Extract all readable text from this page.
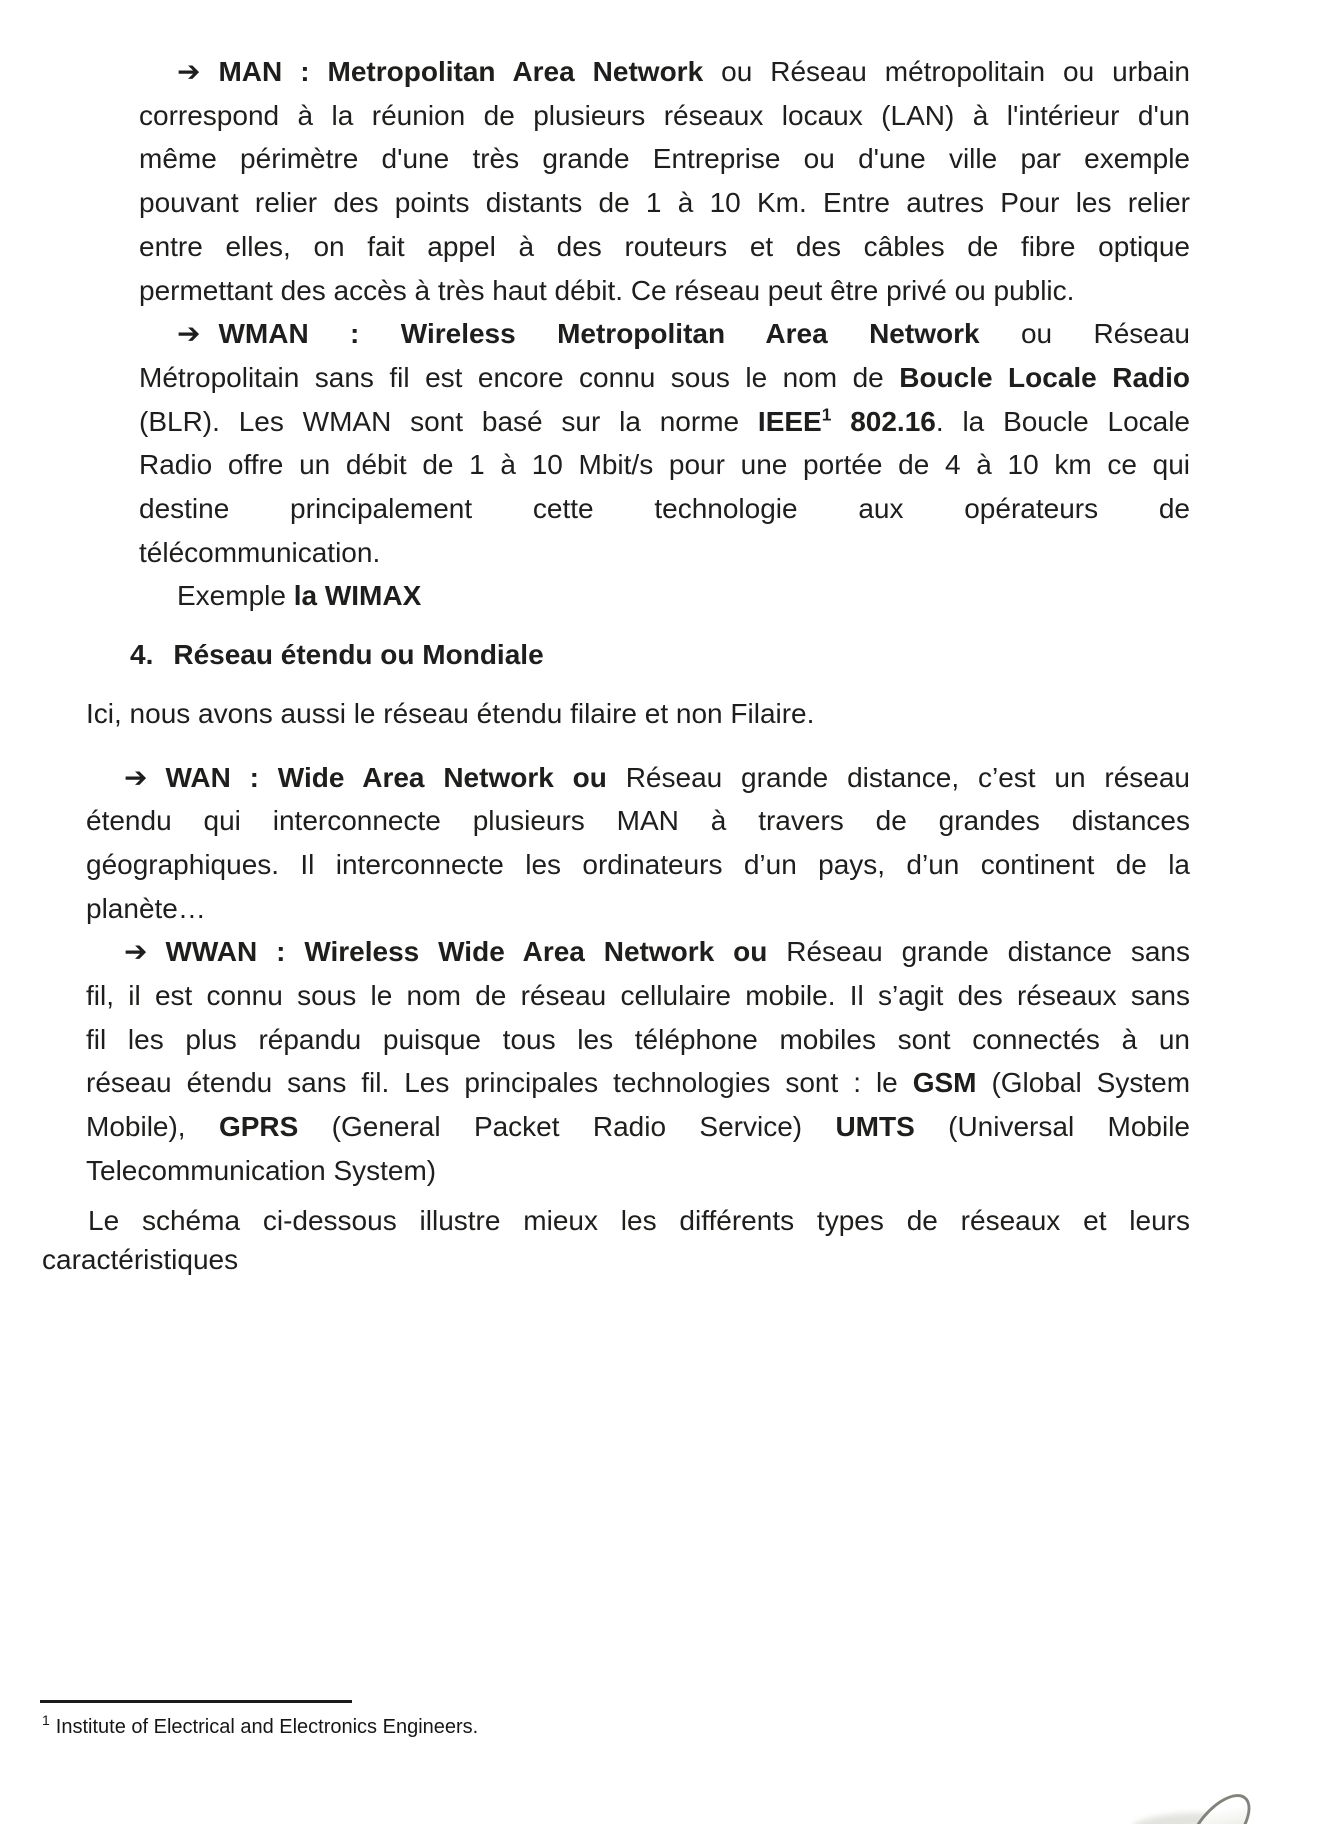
➔ MAN : Metropolitan Area Network ou Réseau métropolitain ou urbain
correspond à la réunion de plusieurs réseaux locaux (LAN) à l'intérieur d'un
même périmètre d'une très grande Entreprise ou d'une ville par exemple
pouvant relier des points distants de 1 à 10 Km. Entre autres Pour les relier
entre elles, on fait appel à des routeurs et des câbles de fibre optique
permettant des accès à très haut débit. Ce réseau peut être privé ou public.
➔ WMAN : Wireless Metropolitan Area Network ou Réseau
Métropolitain sans fil est encore connu sous le nom de Boucle Locale Radio
(BLR). Les WMAN sont basé sur la norme IEEE$^1$ 802.16. la Boucle Locale
Radio offre un débit de 1 à 10 Mbit/s pour une portée de 4 à 10 km ce qui
destine principalement cette technologie aux opérateurs de
télécommunication.
Exemple la WIMAX
4. Réseau étendu ou Mondiale
Ici, nous avons aussi le réseau étendu filaire et non Filaire.
➔ WAN : Wide Area Network ou Réseau grande distance, c’est un réseau
étendu qui interconnecte plusieurs MAN à travers de grandes distances
géographiques. Il interconnecte les ordinateurs d’un pays, d’un continent de la
planète…
➔ WWAN : Wireless Wide Area Network ou Réseau grande distance sans
fil, il est connu sous le nom de réseau cellulaire mobile. Il s’agit des réseaux sans
fil les plus répandu puisque tous les téléphone mobiles sont connectés à un
réseau étendu sans fil. Les principales technologies sont : le GSM (Global System
Mobile), GPRS (General Packet Radio Service) UMTS (Universal Mobile
Telecommunication System)
Le schéma ci-dessous illustre mieux les différents types de réseaux et leurs
caractéristiques
$^1$ Institute of Electrical and Electronics Engineers.
